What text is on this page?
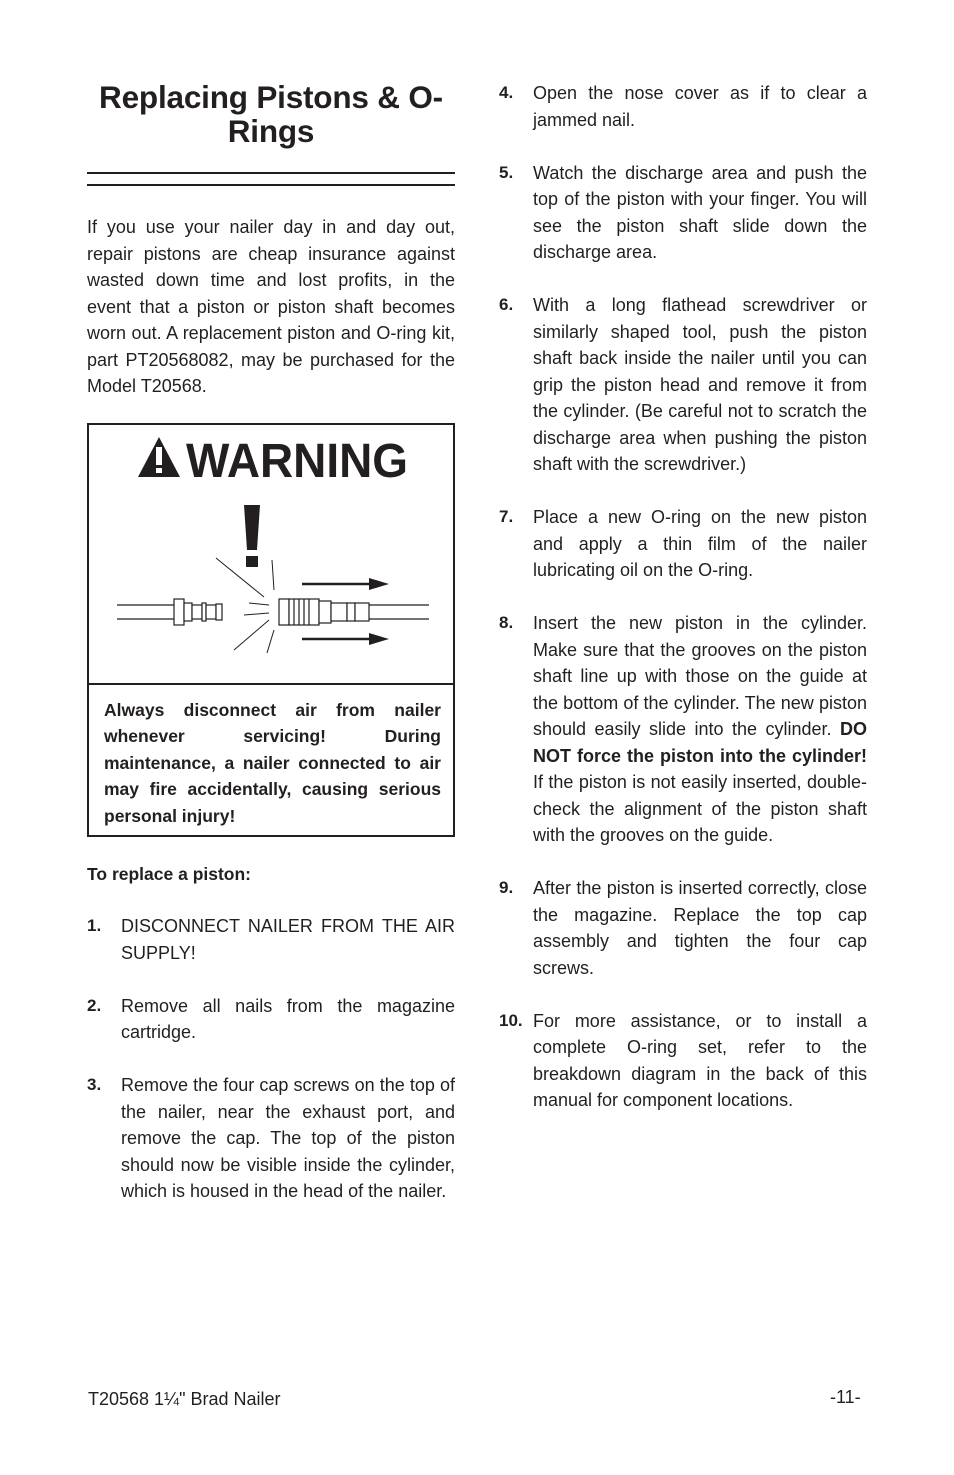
Replacing Pistons & O-Rings

If you use your nailer day in and day out, repair pistons are cheap insurance against wasted down time and lost profits, in the event that a piston or piston shaft becomes worn out. A replacement piston and O-ring kit, part PT20568082, may be purchased for the Model T20568.

WARNING
Always disconnect air from nailer whenever servicing! During maintenance, a nailer connected to air may fire accidentally, causing serious personal injury!
To replace a piston:
1. DISCONNECT NAILER FROM THE AIR SUPPLY!
2. Remove all nails from the magazine cartridge.
3. Remove the four cap screws on the top of the nailer, near the exhaust port, and remove the cap. The top of the piston should now be visible inside the cylinder, which is housed in the head of the nailer.
4. Open the nose cover as if to clear a jammed nail.
5. Watch the discharge area and push the top of the piston with your finger. You will see the piston shaft slide down the discharge area.
6. With a long flathead screwdriver or similarly shaped tool, push the piston shaft back inside the nailer until you can grip the piston head and remove it from the cylinder. (Be careful not to scratch the discharge area when pushing the piston shaft with the screwdriver.)
7. Place a new O-ring on the new piston and apply a thin film of the nailer lubricating oil on the O-ring.
8. Insert the new piston in the cylinder. Make sure that the grooves on the piston shaft line up with those on the guide at the bottom of the cylinder. The new piston should easily slide into the cylinder. DO NOT force the piston into the cylinder! If the piston is not easily inserted, double-check the alignment of the piston shaft with the grooves on the guide.
9. After the piston is inserted correctly, close the magazine. Replace the top cap assembly and tighten the four cap screws.
10. For more assistance, or to install a complete O-ring set, refer to the breakdown diagram in the back of this manual for component locations.
T20568 1¼" Brad Nailer	-11-
